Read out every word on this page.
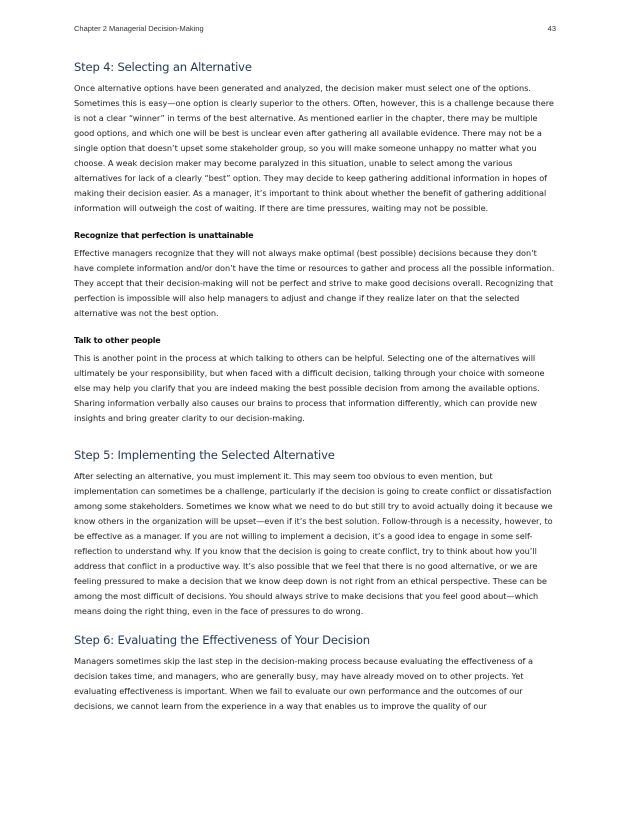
Chapter 2 Managerial Decision-Making	43
Step 4: Selecting an Alternative

Once alternative options have been generated and analyzed, the decision maker must select one of the options. Sometimes this is easy—one option is clearly superior to the others. Often, however, this is a challenge because there is not a clear “winner” in terms of the best alternative. As mentioned earlier in the chapter, there may be multiple good options, and which one will be best is unclear even after gathering all available evidence. There may not be a single option that doesn’t upset some stakeholder group, so you will make someone unhappy no matter what you choose. A weak decision maker may become paralyzed in this situation, unable to select among the various alternatives for lack of a clearly “best” option. They may decide to keep gathering additional information in hopes of making their decision easier. As a manager, it’s important to think about whether the benefit of gathering additional information will outweigh the cost of waiting. If there are time pressures, waiting may not be possible.

Recognize that perfection is unattainable

Effective managers recognize that they will not always make optimal (best possible) decisions because they don’t have complete information and/or don’t have the time or resources to gather and process all the possible information. They accept that their decision-making will not be perfect and strive to make good decisions overall. Recognizing that perfection is impossible will also help managers to adjust and change if they realize later on that the selected alternative was not the best option.

Talk to other people

This is another point in the process at which talking to others can be helpful. Selecting one of the alternatives will ultimately be your responsibility, but when faced with a difficult decision, talking through your choice with someone else may help you clarify that you are indeed making the best possible decision from among the available options. Sharing information verbally also causes our brains to process that information differently, which can provide new insights and bring greater clarity to our decision-making.

Step 5: Implementing the Selected Alternative

After selecting an alternative, you must implement it. This may seem too obvious to even mention, but implementation can sometimes be a challenge, particularly if the decision is going to create conflict or dissatisfaction among some stakeholders. Sometimes we know what we need to do but still try to avoid actually doing it because we know others in the organization will be upset—even if it’s the best solution. Follow-through is a necessity, however, to be effective as a manager. If you are not willing to implement a decision, it’s a good idea to engage in some self-reflection to understand why. If you know that the decision is going to create conflict, try to think about how you’ll address that conflict in a productive way. It’s also possible that we feel that there is no good alternative, or we are feeling pressured to make a decision that we know deep down is not right from an ethical perspective. These can be among the most difficult of decisions. You should always strive to make decisions that you feel good about—which means doing the right thing, even in the face of pressures to do wrong.

Step 6: Evaluating the Effectiveness of Your Decision

Managers sometimes skip the last step in the decision-making process because evaluating the effectiveness of a decision takes time, and managers, who are generally busy, may have already moved on to other projects. Yet evaluating effectiveness is important. When we fail to evaluate our own performance and the outcomes of our decisions, we cannot learn from the experience in a way that enables us to improve the quality of our
